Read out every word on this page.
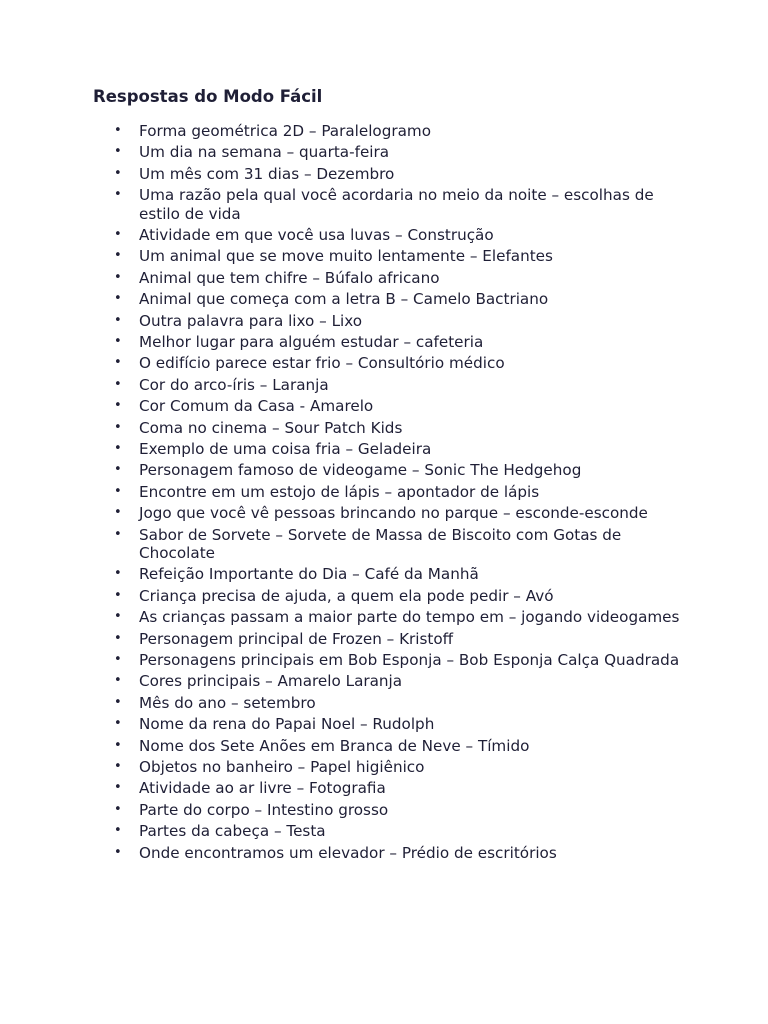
Respostas do Modo Fácil
• Forma geométrica 2D – Paralelogramo
• Um dia na semana – quarta-feira
• Um mês com 31 dias – Dezembro
• Uma razão pela qual você acordaria no meio da noite – escolhas de estilo de vida
• Atividade em que você usa luvas – Construção
• Um animal que se move muito lentamente – Elefantes
• Animal que tem chifre – Búfalo africano
• Animal que começa com a letra B – Camelo Bactriano
• Outra palavra para lixo – Lixo
• Melhor lugar para alguém estudar – cafeteria
• O edifício parece estar frio – Consultório médico
• Cor do arco-íris – Laranja
• Cor Comum da Casa - Amarelo
• Coma no cinema – Sour Patch Kids
• Exemplo de uma coisa fria – Geladeira
• Personagem famoso de videogame – Sonic The Hedgehog
• Encontre em um estojo de lápis – apontador de lápis
• Jogo que você vê pessoas brincando no parque – esconde-esconde
• Sabor de Sorvete – Sorvete de Massa de Biscoito com Gotas de Chocolate
• Refeição Importante do Dia – Café da Manhã
• Criança precisa de ajuda, a quem ela pode pedir – Avó
• As crianças passam a maior parte do tempo em – jogando videogames
• Personagem principal de Frozen – Kristoff
• Personagens principais em Bob Esponja – Bob Esponja Calça Quadrada
• Cores principais – Amarelo Laranja
• Mês do ano – setembro
• Nome da rena do Papai Noel – Rudolph
• Nome dos Sete Anões em Branca de Neve – Tímido
• Objetos no banheiro – Papel higiênico
• Atividade ao ar livre – Fotografia
• Parte do corpo – Intestino grosso
• Partes da cabeça – Testa
• Onde encontramos um elevador – Prédio de escritórios
